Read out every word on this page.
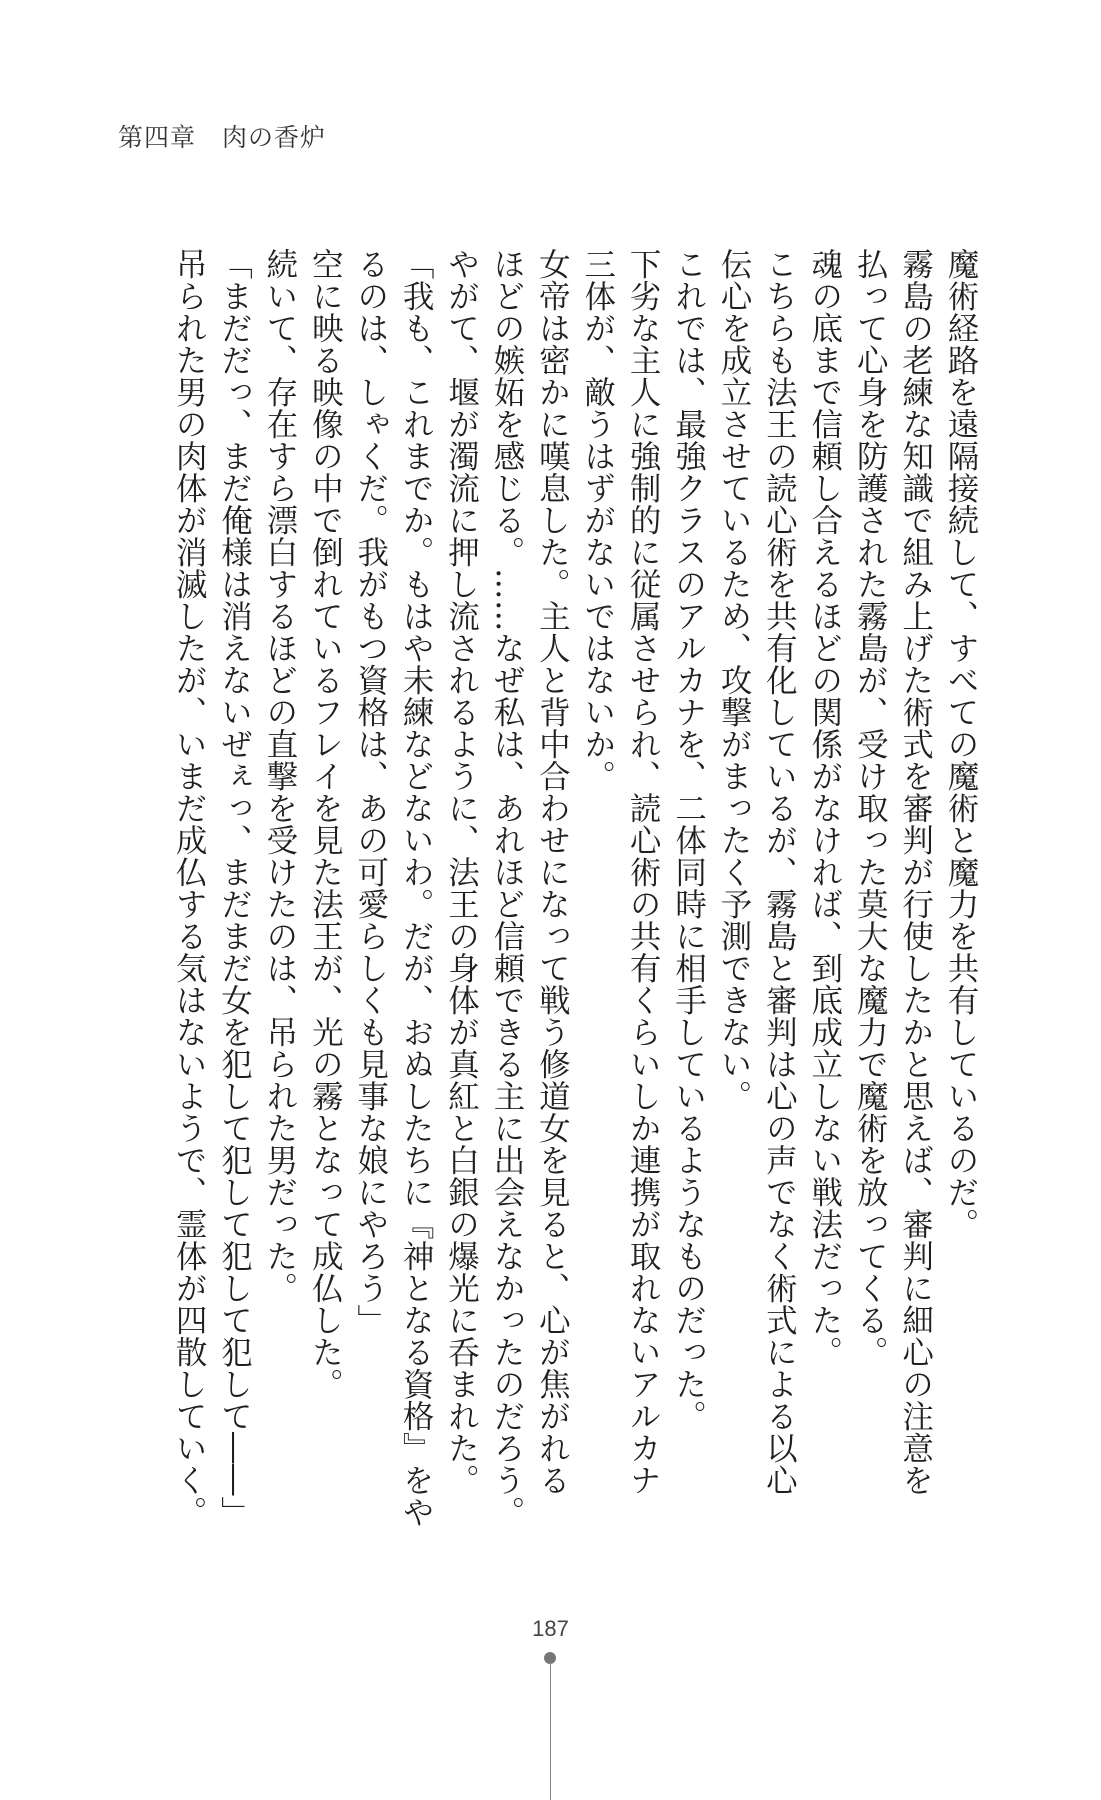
第四章　肉の香炉
魔術経路を遠隔接続して、すべての魔術と魔力を共有しているのだ。
霧島の老練な知識で組み上げた術式を審判が行使したかと思えば、審判に細心の注意を
払って心身を防護された霧島が、受け取った莫大な魔力で魔術を放ってくる。
魂の底まで信頼し合えるほどの関係がなければ、到底成立しない戦法だった。
こちらも法王の読心術を共有化しているが、霧島と審判は心の声でなく術式による以心
伝心を成立させているため、攻撃がまったく予測できない。
これでは、最強クラスのアルカナを、二体同時に相手しているようなものだった。
下劣な主人に強制的に従属させられ、読心術の共有くらいしか連携が取れないアルカナ
三体が、敵うはずがないではないか。
女帝は密かに嘆息した。主人と背中合わせになって戦う修道女を見ると、心が焦がれる
ほどの嫉妬を感じる。……なぜ私は、あれほど信頼できる主に出会えなかったのだろう。
やがて、堰が濁流に押し流されるように、法王の身体が真紅と白銀の爆光に呑まれた。
「我も、これまでか。もはや未練などないわ。だが、おぬしたちに『神となる資格』をや
るのは、しゃくだ。我がもつ資格は、あの可愛らしくも見事な娘にやろう」
空に映る映像の中で倒れているフレイを見た法王が、光の霧となって成仏した。
続いて、存在すら漂白するほどの直撃を受けたのは、吊られた男だった。
「まだだっ、まだ俺様は消えないぜぇっ、まだまだ女を犯して犯して犯して犯して――」
吊られた男の肉体が消滅したが、いまだ成仏する気はないようで、霊体が四散していく。
187
